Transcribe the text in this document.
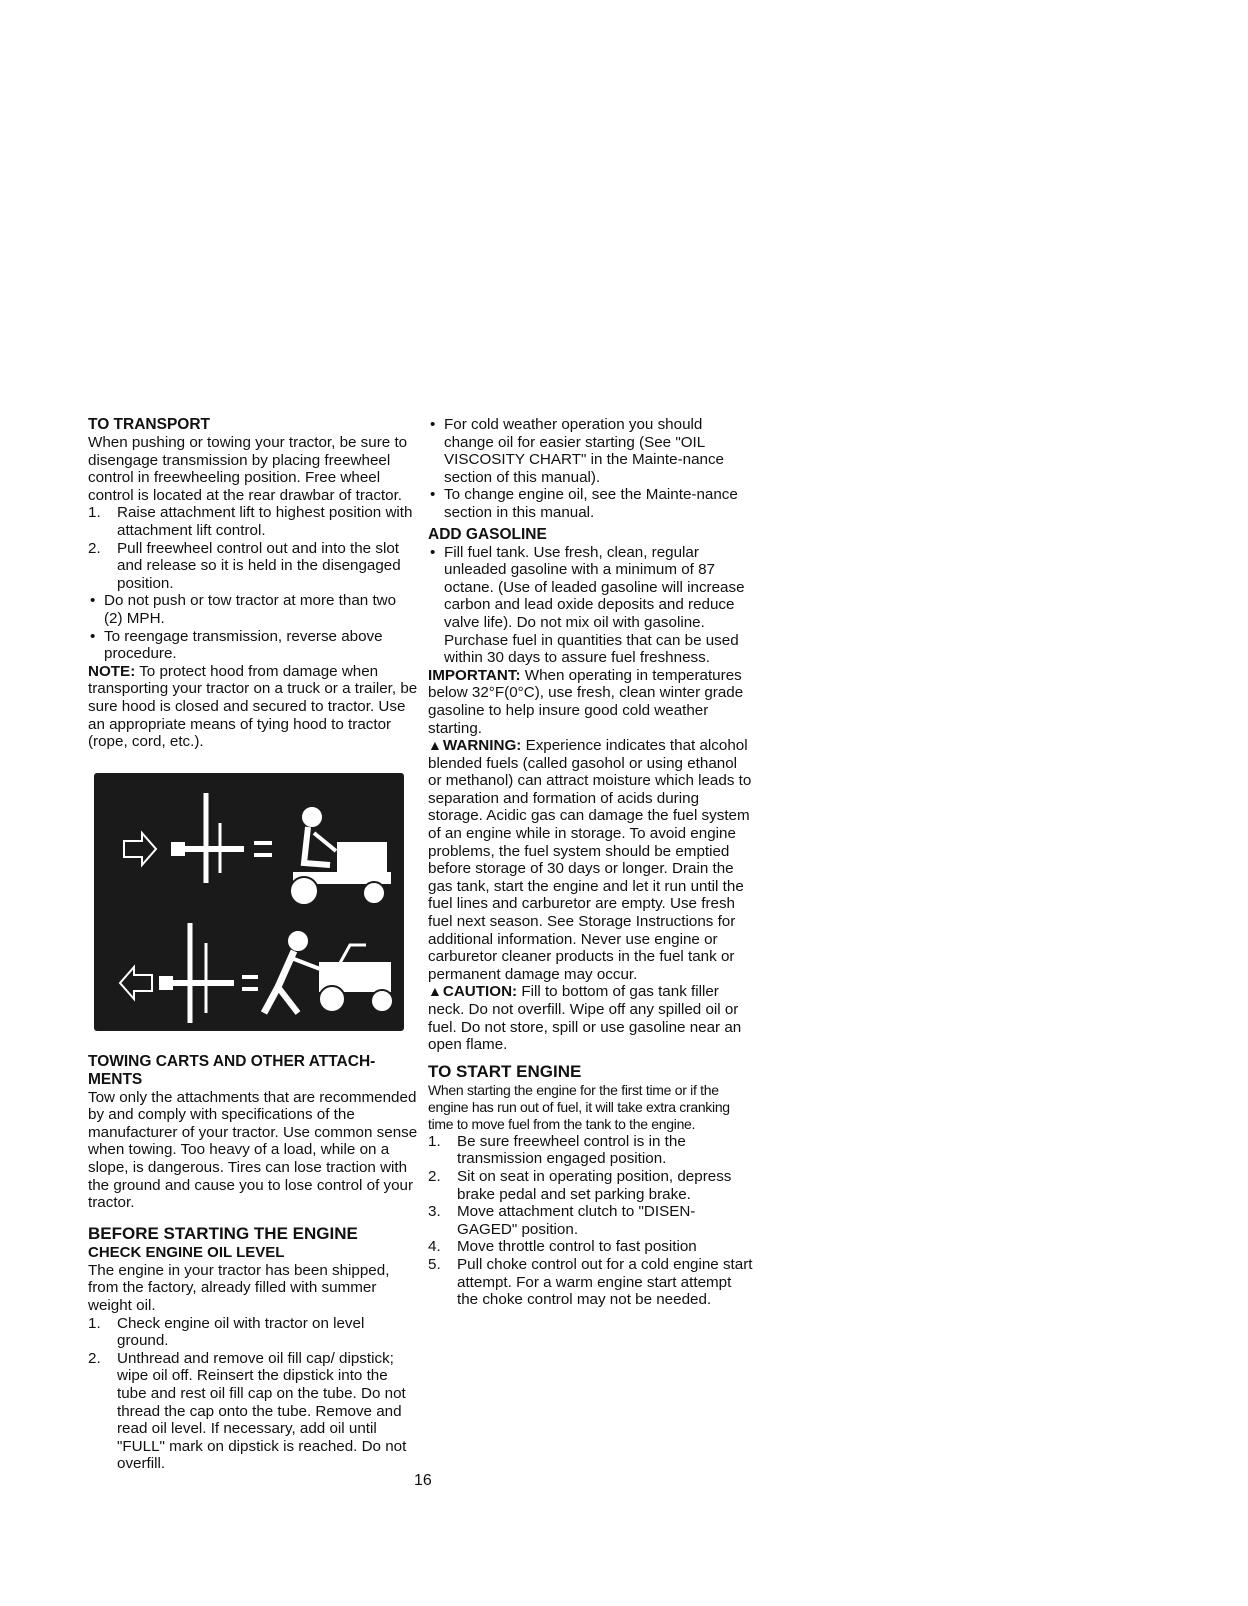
TO TRANSPORT

When pushing or towing your tractor, be sure to disengage transmission by placing freewheel control in freewheeling position. Free wheel control is located at the rear drawbar of tractor.

1. Raise attachment lift to highest position with attachment lift control.
2. Pull freewheel control out and into the slot and release so it is held in the disengaged position.
• Do not push or tow tractor at more than two (2) MPH.
• To reengage transmission, reverse above procedure.

NOTE: To protect hood from damage when transporting your tractor on a truck or a trailer, be sure hood is closed and secured to tractor. Use an appropriate means of tying hood to tractor (rope, cord, etc.).

TOWING CARTS AND OTHER ATTACH-MENTS

Tow only the attachments that are recommended by and comply with specifications of the manufacturer of your tractor. Use common sense when towing. Too heavy of a load, while on a slope, is dangerous. Tires can lose traction with the ground and cause you to lose control of your tractor.

BEFORE STARTING THE ENGINE
CHECK ENGINE OIL LEVEL

The engine in your tractor has been shipped, from the factory, already filled with summer weight oil.

1. Check engine oil with tractor on level ground.
2. Unthread and remove oil fill cap/ dipstick; wipe oil off. Reinsert the dipstick into the tube and rest oil fill cap on the tube. Do not thread the cap onto the tube. Remove and read oil level. If necessary, add oil until "FULL" mark on dipstick is reached. Do not overfill.
• For cold weather operation you should change oil for easier starting (See "OIL VISCOSITY CHART" in the Mainte-nance section of this manual).
• To change engine oil, see the Mainte-nance section in this manual.
ADD GASOLINE
• Fill fuel tank. Use fresh, clean, regular unleaded gasoline with a minimum of 87 octane. (Use of leaded gasoline will increase carbon and lead oxide deposits and reduce valve life). Do not mix oil with gasoline. Purchase fuel in quantities that can be used within 30 days to assure fuel freshness.

IMPORTANT: When operating in temperatures below 32°F(0°C), use fresh, clean winter grade gasoline to help insure good cold weather starting.

▲WARNING: Experience indicates that alcohol blended fuels (called gasohol or using ethanol or methanol) can attract moisture which leads to separation and formation of acids during storage. Acidic gas can damage the fuel system of an engine while in storage. To avoid engine problems, the fuel system should be emptied before storage of 30 days or longer. Drain the gas tank, start the engine and let it run until the fuel lines and carburetor are empty. Use fresh fuel next season. See Storage Instructions for additional information. Never use engine or carburetor cleaner products in the fuel tank or permanent damage may occur.

▲CAUTION: Fill to bottom of gas tank filler neck. Do not overfill. Wipe off any spilled oil or fuel. Do not store, spill or use gasoline near an open flame.

TO START ENGINE

When starting the engine for the first time or if the engine has run out of fuel, it will take extra cranking time to move fuel from the tank to the engine.

1. Be sure freewheel control is in the transmission engaged position.
2. Sit on seat in operating position, depress brake pedal and set parking brake.
3. Move attachment clutch to "DISEN-GAGED" position.
4. Move throttle control to fast position
5. Pull choke control out for a cold engine start attempt. For a warm engine start attempt the choke control may not be needed.
16
